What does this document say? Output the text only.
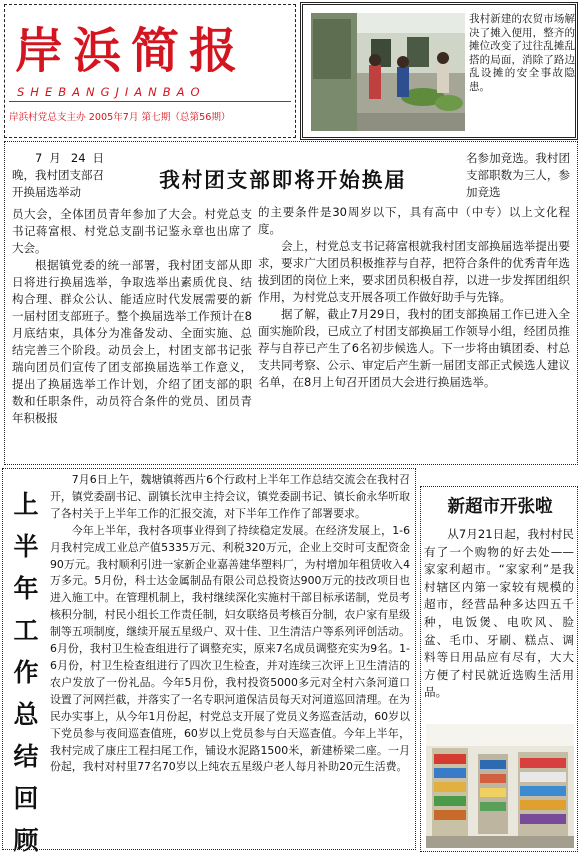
岸浜简报
SHEBANGJIANBAO
岸浜村党总支主办 2005年7月 第七期（总第56期）
我村新建的农贸市场解决了摊入便用，整齐的摊位改变了过往乱摊乱搭的局面，消除了路边乱设摊的安全事故隐患。
我村团支部即将开始换届

7 月 24 日晚，我村团支部召开换届选举动

名参加竞选。我村团支部职数为三人，参加竞选

员大会，全体团员青年参加了大会。村党总支书记蒋富根、村党总支副书记鉴永章也出席了大会。

根据镇党委的统一部署，我村团支部从即日将进行换届选举，争取选举出素质优良、结构合理、群众公认、能适应时代发展需要的新一届村团支部班子。整个换届选举工作预计在8月底结束，具体分为准备发动、全面实施、总结完善三个阶段。动员会上，村团支部书记张瑞向团员们宣传了团支部换届选举工作意义，提出了换届选举工作计划，介绍了团支部的职数和任职条件，动员符合条件的党员、团员青年积极报

的主要条件是30周岁以下，具有高中（中专）以上文化程度。

会上，村党总支书记蒋富根就我村团支部换届选举提出要求，要求广大团员积极推荐与自荐，把符合条件的优秀青年选拔到团的岗位上来，要求团员积极自荐，以进一步发挥团组织作用，为村党总支开展各项工作做好助手与先锋。

据了解，截止7月29日，我村的团支部换届工作已进入全面实施阶段，已成立了村团支部换届工作领导小组，经团员推荐与自荐已产生了6名初步候选人。下一步将由镇团委、村总支共同考察、公示、审定后产生新一届团支部正式候选人建议名单，在8月上旬召开团员大会进行换届选举。

上
半
年
工
作
总
结
回
顾

7月6日上午，魏塘镇蒋西片6个行政村上半年工作总结交流会在我村召开，镇党委副书记、副镇长沈申主持会议，镇党委副书记、镇长俞永华听取了各村关于上半年工作的汇报交流，对下半年工作作了部署要求。

今年上半年，我村各项事业得到了持续稳定发展。在经济发展上，1-6月我村完成工业总产值5335万元、利税320万元，企业上交时可支配资金90万元。我村顺利引进一家新企业嘉善建华塑料厂，为村增加年租赁收入4万多元。5月份，科士达金属制品有限公司总投资达900万元的技改项目也进入施工中。在管理机制上，我村继续深化实施村干部目标承诺制，党员考核积分制，村民小组长工作责任制，妇女联络员考核百分制，农户家有星级制等五项制度，继续开展五星级户、双十佳、卫生清洁户等系列评创活动。6月份，我村卫生检查组进行了调整充实，原来7名成员调整充实为9名。1-6月份，村卫生检查组进行了四次卫生检查，并对连续三次评上卫生清洁的农户发放了一份礼品。今年5月份，我村投资5000多元对全村六条河道口设置了河网拦截，并落实了一名专职河道保洁员每天对河道巡回清理。在为民办实事上，从今年1月份起，村党总支开展了党员义务巡查活动，60岁以下党员参与夜间巡查值班，60岁以上党员参与白天巡查值。今年上半年，我村完成了康庄工程扫尾工作，铺设水泥路1500米，新建桥梁二座。一月份起，我村对村里77名70岁以上纯农五星级户老人每月补助20元生活费。

新超市开张啦

从7月21日起，我村村民有了一个购物的好去处——家家利超市。“家家利”是我村辖区内第一家较有规模的超市，经营品种多达四五千种，电饭煲、电吹风、脸盆、毛巾、牙刷、糕点、调料等日用品应有尽有，大大方便了村民就近选购生活用品。
